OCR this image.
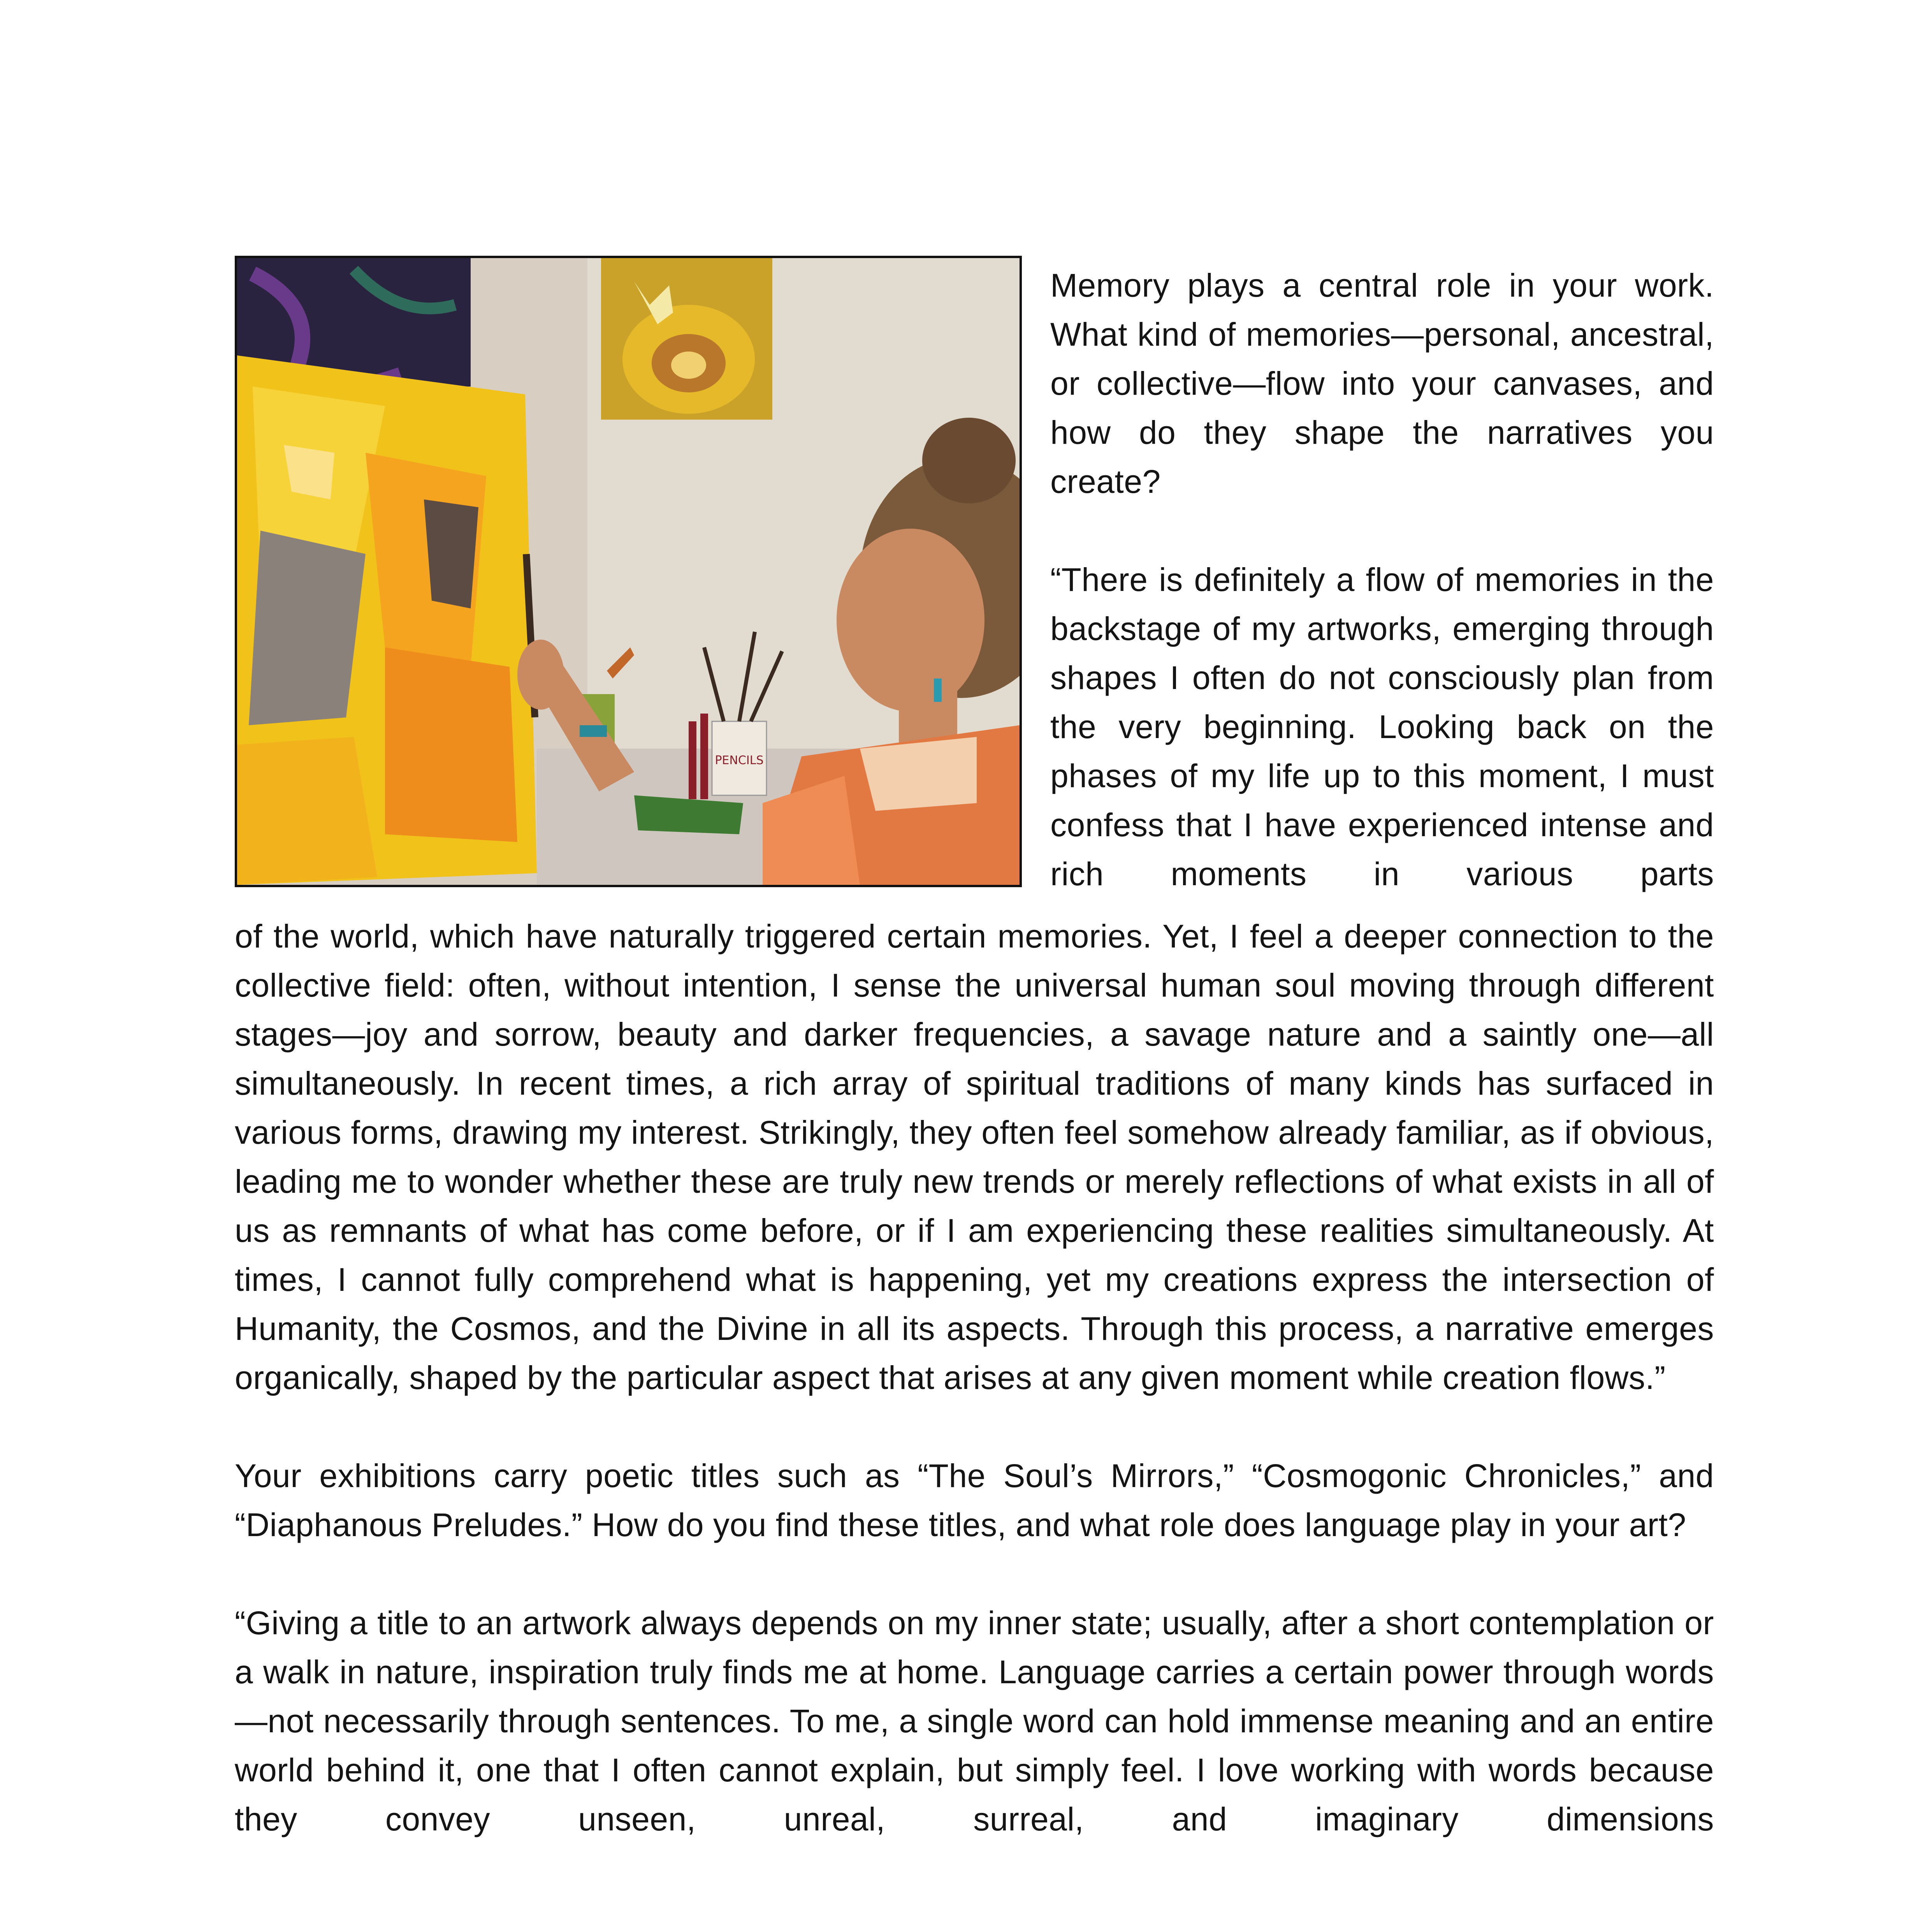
PENCILS

Memory plays a central role in your work. What kind of memories—personal, ancestral, or collective—flow into your canvases, and how do they shape the narratives you create?

“There is definitely a flow of memories in the backstage of my artworks, emerging through shapes I often do not consciously plan from the very beginning. Looking back on the phases of my life up to this moment, I must confess that I have experienced intense and rich moments in various parts

of the world, which have naturally triggered certain memories. Yet, I feel a deeper connection to the collective field: often, without intention, I sense the universal human soul moving through different stages—joy and sorrow, beauty and darker frequencies, a savage nature and a saintly one—all simultaneously. In recent times, a rich array of spiritual traditions of many kinds has surfaced in various forms, drawing my interest. Strikingly, they often feel somehow already familiar, as if obvious, leading me to wonder whether these are truly new trends or merely reflections of what exists in all of us as remnants of what has come before, or if I am experiencing these realities simultaneously. At times, I cannot fully comprehend what is happening, yet my creations express the intersection of Humanity, the Cosmos, and the Divine in all its aspects. Through this process, a narrative emerges organically, shaped by the particular aspect that arises at any given moment while creation flows.”

Your exhibitions carry poetic titles such as “The Soul’s Mirrors,” “Cosmogonic Chronicles,” and “Diaphanous Preludes.” How do you find these titles, and what role does language play in your art?

“Giving a title to an artwork always depends on my inner state; usually, after a short contemplation or a walk in nature, inspiration truly finds me at home. Language carries a certain power through words—not necessarily through sentences. To me, a single word can hold immense meaning and an entire world behind it, one that I often cannot explain, but simply feel. I love working with words because they convey unseen, unreal, surreal, and imaginary dimensions
